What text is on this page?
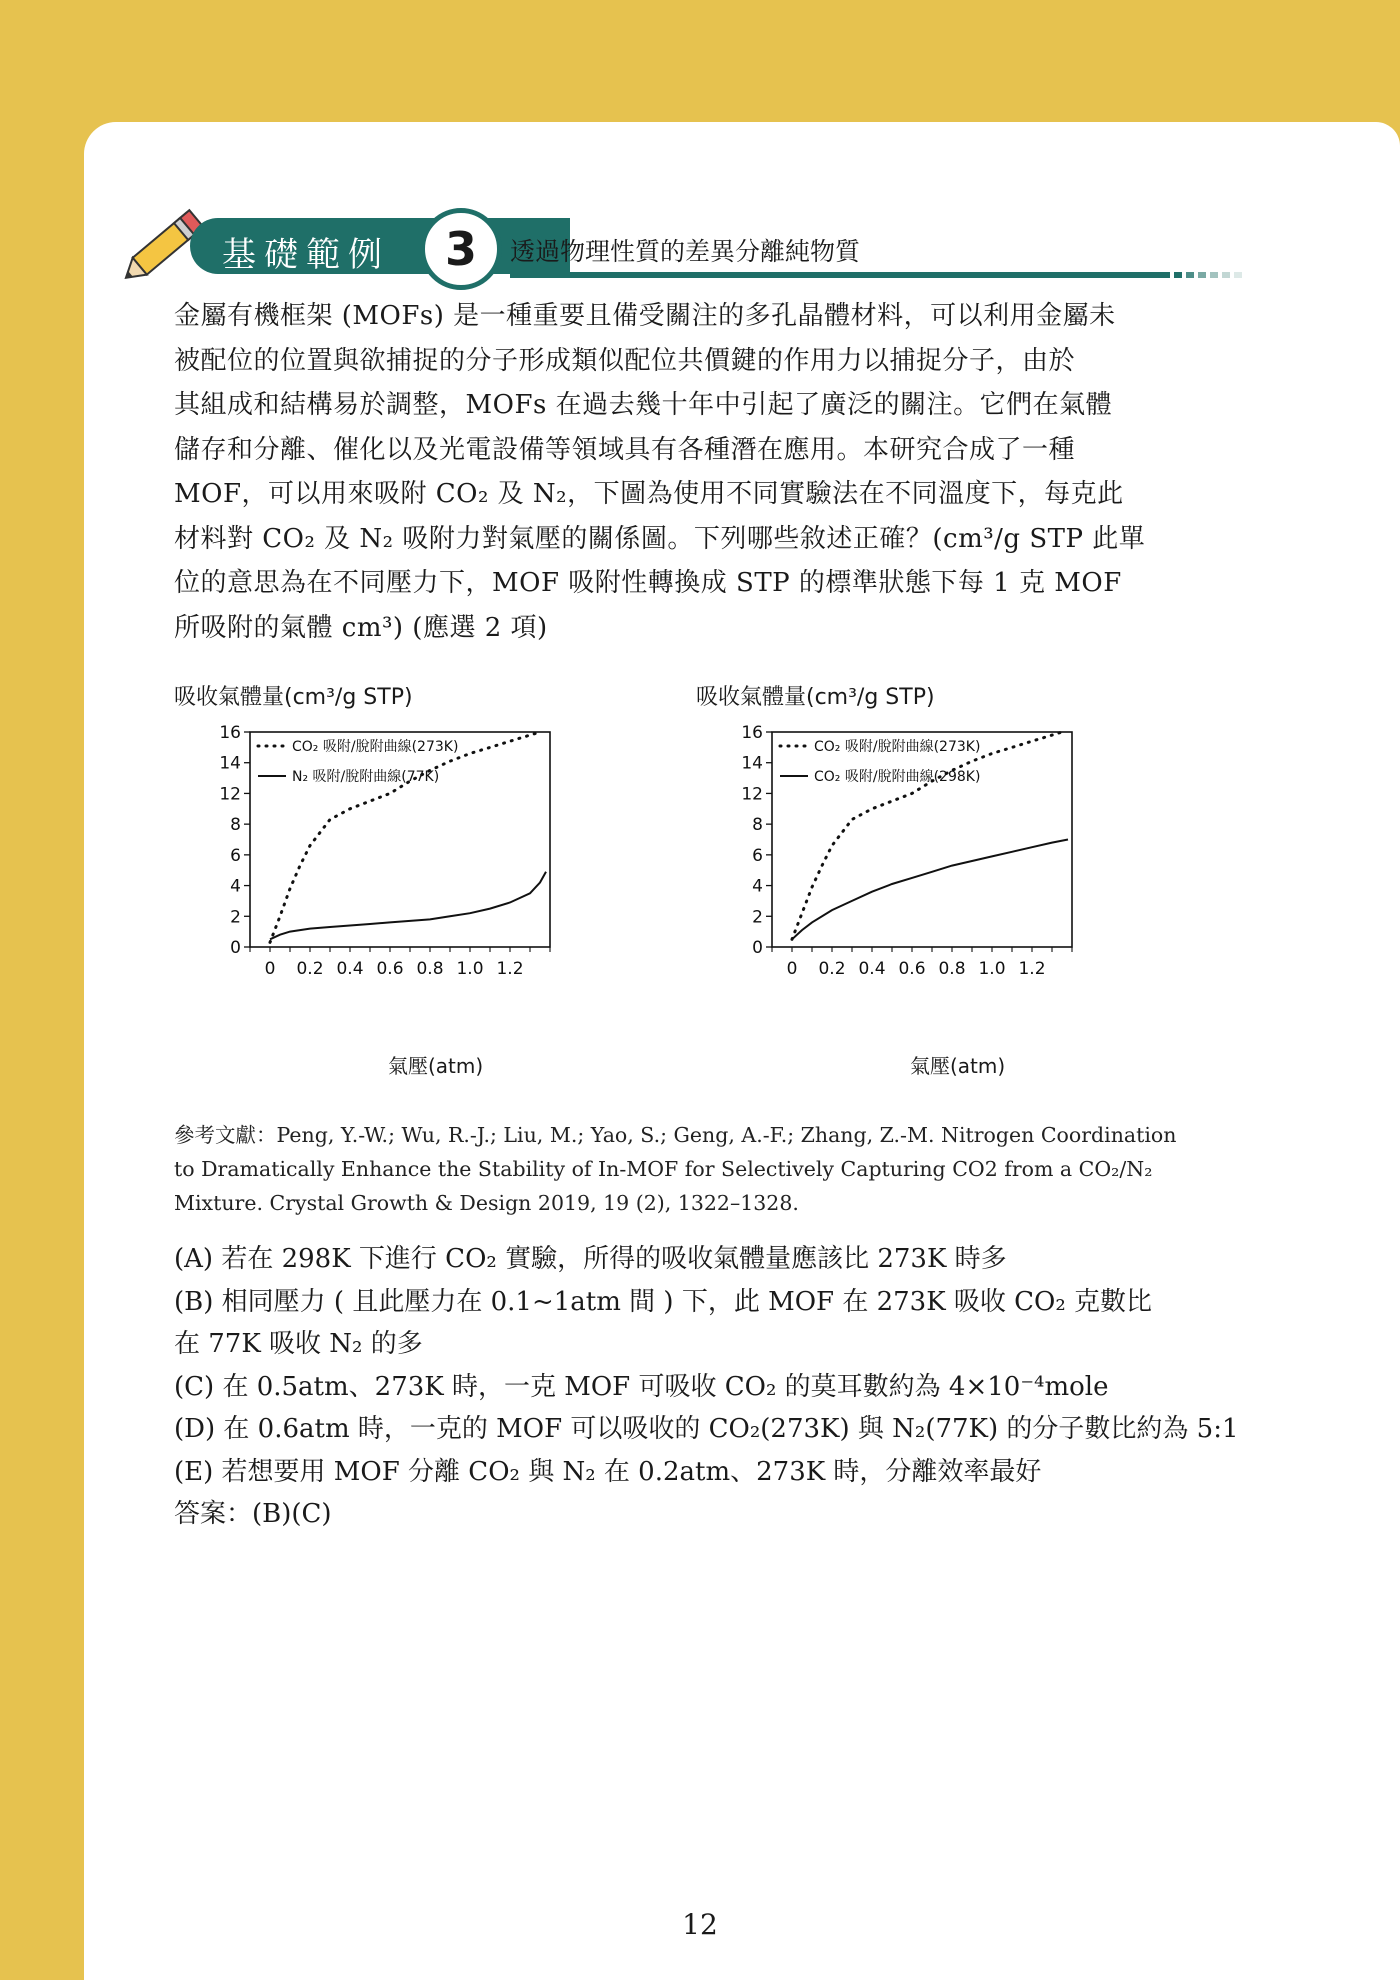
基礎範例	3	透過物理性質的差異分離純物質

金屬有機框架 (MOFs) 是一種重要且備受關注的多孔晶體材料，可以利用金屬未

被配位的位置與欲捕捉的分子形成類似配位共價鍵的作用力以捕捉分子，由於

其組成和結構易於調整，MOFs 在過去幾十年中引起了廣泛的關注。它們在氣體

儲存和分離、催化以及光電設備等領域具有各種潛在應用。本研究合成了一種

MOF，可以用來吸附 CO₂ 及 N₂，下圖為使用不同實驗法在不同溫度下，每克此

材料對 CO₂ 及 N₂ 吸附力對氣壓的關係圖。下列哪些敘述正確？(cm³/g STP 此單

位的意思為在不同壓力下，MOF 吸附性轉換成 STP 的標準狀態下每 1 克 MOF

所吸附的氣體 cm³) (應選 2 項)

吸收氣體量(cm³/g STP)
0
2
4
6
8
12
14
16
0 0.2 0.4 0.6 0.8 1.0 1.2
CO₂ 吸附/脫附曲線(273K)
N₂ 吸附/脫附曲線(77K)
氣壓(atm)
吸收氣體量(cm³/g STP)
0
2
4
6
8
12
14
16
0 0.2 0.4 0.6 0.8 1.0 1.2
CO₂ 吸附/脫附曲線(273K)
CO₂ 吸附/脫附曲線(298K)
氣壓(atm)
參考文獻：Peng, Y.-W.; Wu, R.-J.; Liu, M.; Yao, S.; Geng, A.-F.; Zhang, Z.-M. Nitrogen Coordination
to Dramatically Enhance the Stability of In-MOF for Selectively Capturing CO2 from a CO₂/N₂
Mixture. Crystal Growth & Design 2019, 19 (2), 1322–1328.

(A) 若在 298K 下進行 CO₂ 實驗，所得的吸收氣體量應該比 273K 時多

(B) 相同壓力 ( 且此壓力在 0.1~1atm 間 ) 下，此 MOF 在 273K 吸收 CO₂ 克數比

在 77K 吸收 N₂ 的多

(C) 在 0.5atm、273K 時，一克 MOF 可吸收 CO₂ 的莫耳數約為 4×10⁻⁴mole

(D) 在 0.6atm 時，一克的 MOF 可以吸收的 CO₂(273K) 與 N₂(77K) 的分子數比約為 5:1

(E) 若想要用 MOF 分離 CO₂ 與 N₂ 在 0.2atm、273K 時，分離效率最好

答案：(B)(C)

12
